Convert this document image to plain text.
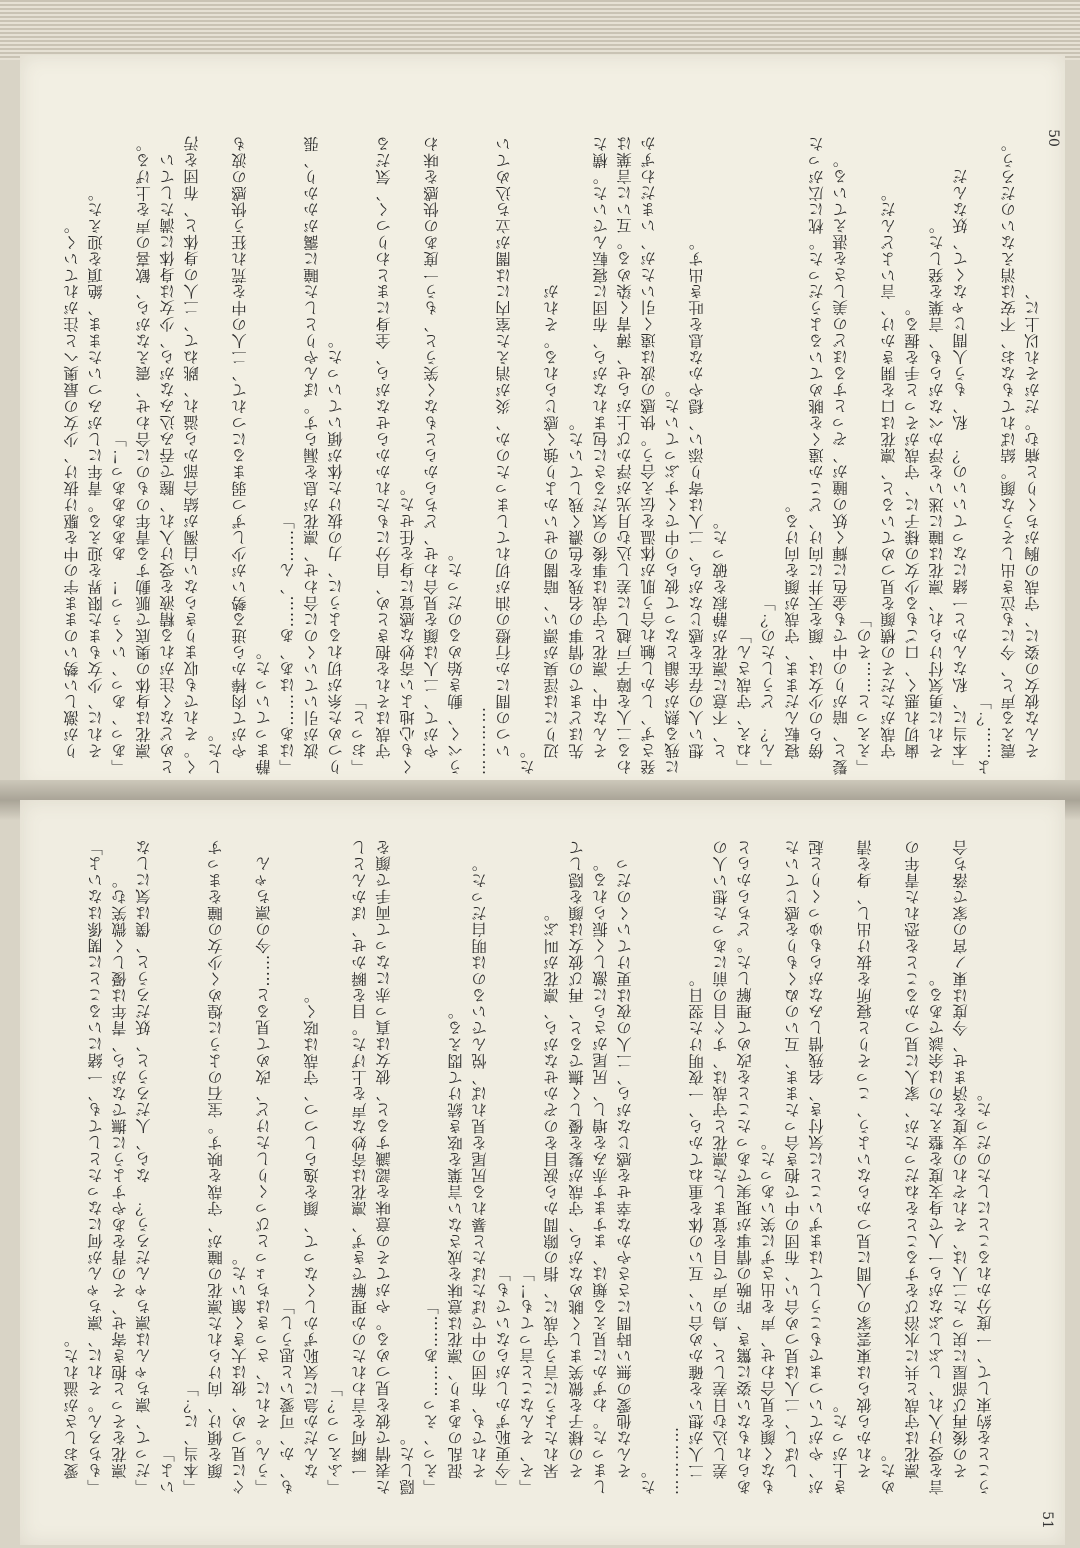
50
51

りが激しい勢いのまま宇の中を駆け抜け、少女の最奥へと注がれていく。 それに、少女もまた限界を迎える。青年にしがみついたまま、絶頂を迎えた。 「あっ、あっ、いくぅっ！　あああああっ！」 凛花は身体の奥底で脈動する青年のものに合わせ、震えながら、歓喜の声を上げる。とめどなく注がれる精液を受け入れ、膣で吞み込みながら、少女は身体に満たしていく。それでも収まりきらない白濁が結合部から溢れ、跳ねて、二人の身体と、布団を汚した。 やがて肉棒から迸る勢いが少しずつ弱まるにつれて、二人の中を荒れ狂う快感の波も静まっていった。 「はあ……はあ、あ……、ん……」 波が引いていくのに合わせ、凛花が息を漏らす。ぼんやりとした瞳に靄がかかり、張りつめた糸が切れるように、力の抜けた体が傾いていった。 「おっと」 守哉はそれを抱きとめ、自分にもたれかからせながら、全身にまとわりつく、気だるくも心地よい奇妙な感覚に身を任せた。 やがて、二人は顔を見合わせ、どちらからともなく笑うと、もう一度あの快感を味わうべく、動き始めるのだった。 ………… いつの間にか行燈の油が切れてしまったのか、炎が消えた室内には闇が立ち込めていた。 辺りには淫臭が漂い、暗闇のせいかより強く感じられる。それが 先ほどまでの情事の名残を色濃く残していた。 そんな中、凛花と守哉は事後の気だるさに包まれながら、布団に寝転んでいた。横たわる二人を障子戸越しに差し込む月光が浮かび上がらせ、薄青く染める。互いに言葉は発さず、しかし触れ合う肌が体温を伝え合う。快感の波は遠く引いたが、いまだわずかに残る熱が余韻となって彼らの中でくすぶっていた。 想い人の存在を感じながら、二人は寄り添い、穏やかな息を吐き出す。 と、不意に凛花が静寂を破った。 「ねえ、守哉さん」 「ん？　どうしたの？」 寝転んだまま、守哉が顔を向ける。 傍らの少女は、顔を天井に向け、どこか遠くを眺めているようだった。枕に広がった髪と、暗がりの中でも金色に輝く妖の瞳が、ぞっとするほどの美しさを湛えている。 「ええっと……その」 守哉がただその横顔を見つめていると、凛花は口を開きかけ、言いよどんだ。 歯切れ悪く、口ごもる少女の様子に、守哉がそっと手を握る。 それに勇気付けられ、凛花は瞳に迷いを浮かべながらも、言葉を発した。 「本当に、私なんかと一緒になっていいの？　私、もう人間じゃなくて、妖なんだよ……？」 震える声と、今にも泣き出しそうな顔。結ばれてもなお、不安は消えないのだろう。 そんな彼女の姿に、守哉の胸がちくりと痛む。だがそれ以上に、

愛おしさが溢れた。 「もちろん。それに、凛ちゃんが何になったとしても、一緒にいることに関係はないよ」 凛花をそっと抱き寄せ、その背をあやすように撫でながら、青年は優しく微笑む。 「だって、凛ちゃんは凛ちゃんだろう？　なら、人だろうと、妖だろうと、僕は気にしないよ」 「本当、に？」 顔を傾け、向けられた凛花の瞳が、守哉を映す。宝石のように煌めく少女の瞳をまっすぐに見つめ、彼は大きく頷いた。 「うん。それに、さっきはちょっとびっくりしたけど、改めて見ると……今の凛ちゃんも、か、可愛いと思うし」 なんだか急に気恥ずかしくなって、顔を逸らしつつ、守哉は呟く。 「ふえっっ？」 一瞬何を言われたのか理解できず、凛花は奇妙な声を上げた。目を瞬かせ、ぽかんとした表情で彼を見つめる。やがてその意味を認識すると、彼女は真っ赤になって両手で顔を隠した。 「えっ、えっ……あ……」 混乱のあまり、凛花は意味を成さない言葉を呟き続けて悶える。 それでも、布団の中でぱたぱたと暴れる尻尾を見れば、悦んでいるのは明白だった。 「今更恥ずかしがらないでも」 「そ、そんなこと言っても！」 呆れたように言う守哉に、指の隙間から涙目をのぞかせながら、凛花が叫ぶ。 その様子を微笑ましく眺めながら、守哉が髪を優しく撫でると、再び彼女は顔を隠してしまった。わずかに見える頬は、ますます赤みを増し、尻尾がさらに激しく振られる。 そんな他愛の無い時間にささやかな幸せを感じながら、二人の夜は更けていくのだった。 ………… 二人が想いを確かめ合い、互いの体を重ねてから、一夜明けた翌日。 差し込む日差しと、鳥の声で目を覚ました凛花と守哉は、すぐ目の前にあった想い人のあられもない姿に驚き、昨晩の情事が現実であったことを改めて理解した。どちらからともなく顔を見合わせ、声を出さずに笑いあった。 しばし、二人は見つめ合い、布団の中で抱き合ったまま、互いのぬくもりを感じていたが、やがていつまでもこうしてはまずいことに気付き、名残惜しみながらもゆっくりと起き上がった。 それから彼らは東雲家の人間に見つからないよう、こっそりと寝所を抜け出し、身を清めた。 凛花は守哉と共に水浴びをすることをねだったが、家人に見つかることを恐れた青年の言を受け入れ、しぶしぶながら一人で身支度を整えたのは余談である。 その後再び部屋に戻った二人は、それぞれの支度を済ませ、今度は東ノ宮の家で落ち合うことを約束して、一度分かれることにしたのだった。
